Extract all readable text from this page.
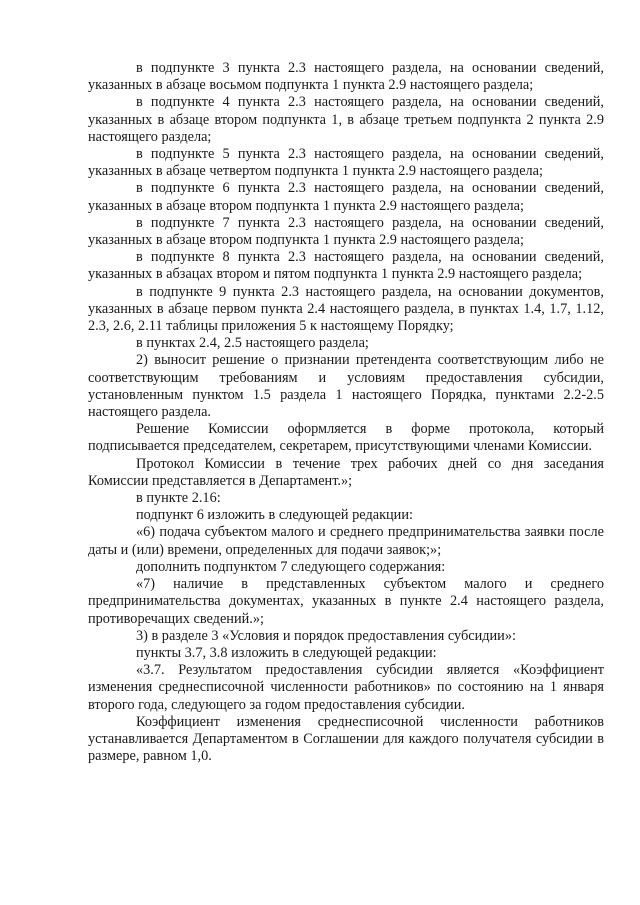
в подпункте 3 пункта 2.3 настоящего раздела, на основании сведений, указанных в абзаце восьмом подпункта 1 пункта 2.9 настоящего раздела;

в подпункте 4 пункта 2.3 настоящего раздела, на основании сведений, указанных в абзаце втором подпункта 1, в абзаце третьем подпункта 2 пункта 2.9 настоящего раздела;

в подпункте 5 пункта 2.3 настоящего раздела, на основании сведений, указанных в абзаце четвертом подпункта 1 пункта 2.9 настоящего раздела;

в подпункте 6 пункта 2.3 настоящего раздела, на основании сведений, указанных в абзаце втором подпункта 1 пункта 2.9 настоящего раздела;

в подпункте 7 пункта 2.3 настоящего раздела, на основании сведений, указанных в абзаце втором подпункта 1 пункта 2.9 настоящего раздела;

в подпункте 8 пункта 2.3 настоящего раздела, на основании сведений, указанных в абзацах втором и пятом подпункта 1 пункта 2.9 настоящего раздела;

в подпункте 9 пункта 2.3 настоящего раздела, на основании документов, указанных в абзаце первом пункта 2.4 настоящего раздела, в пунктах 1.4, 1.7, 1.12, 2.3, 2.6, 2.11 таблицы приложения 5 к настоящему Порядку;

в пунктах 2.4, 2.5 настоящего раздела;

2) выносит решение о признании претендента соответствующим либо не соответствующим требованиям и условиям предоставления субсидии, установленным пунктом 1.5 раздела 1 настоящего Порядка, пунктами 2.2-2.5 настоящего раздела.

Решение Комиссии оформляется в форме протокола, который подписывается председателем, секретарем, присутствующими членами Комиссии.

Протокол Комиссии в течение трех рабочих дней со дня заседания Комиссии представляется в Департамент.»;

в пункте 2.16:

подпункт 6 изложить в следующей редакции:

«6) подача субъектом малого и среднего предпринимательства заявки после даты и (или) времени, определенных для подачи заявок;»;

дополнить подпунктом 7 следующего содержания:

«7) наличие в представленных субъектом малого и среднего предпринимательства документах, указанных в пункте 2.4 настоящего раздела, противоречащих сведений.»;

3) в разделе 3 «Условия и порядок предоставления субсидии»:

пункты 3.7, 3.8 изложить в следующей редакции:

«3.7. Результатом предоставления субсидии является «Коэффициент изменения среднесписочной численности работников» по состоянию на 1 января второго года, следующего за годом предоставления субсидии.

Коэффициент изменения среднесписочной численности работников устанавливается Департаментом в Соглашении для каждого получателя субсидии в размере, равном 1,0.
